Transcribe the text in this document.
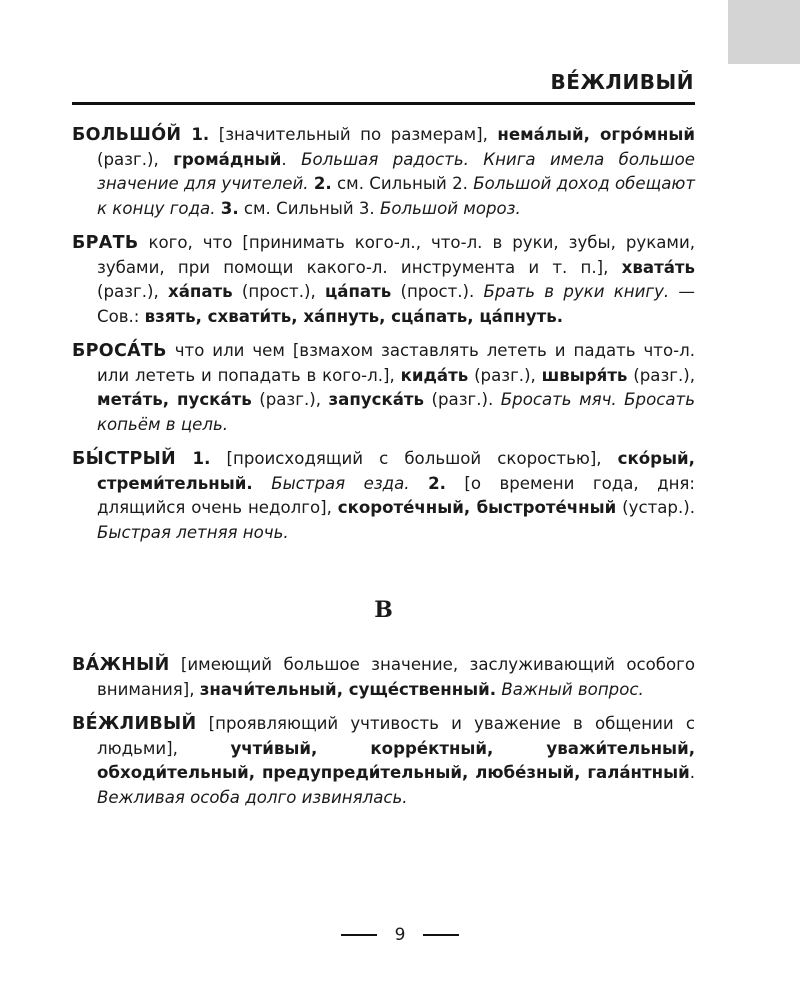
ВЕ́ЖЛИВЫЙ

БОЛЬШО́Й 1. [значительный по размерам], нема́лый, огро́мный (разг.), грома́дный. Большая радость. Книга имела большое значение для учителей. 2. см. Сильный 2. Большой доход обещают к концу года. 3. см. Сильный 3. Большой мороз.

БРАТЬ кого, что [принимать кого-л., что-л. в руки, зубы, руками, зубами, при помощи какого-л. инструмента и т. п.], хвата́ть (разг.), ха́пать (прост.), ца́пать (прост.). Брать в руки книгу. — Сов.: взять, схвати́ть, ха́пнуть, сца́пать, ца́пнуть.

БРОСА́ТЬ что или чем [взмахом заставлять лететь и падать что-л. или лететь и попадать в кого-л.], кида́ть (разг.), швыря́ть (разг.), мета́ть, пуска́ть (разг.), запуска́ть (разг.). Бросать мяч. Бросать копьём в цель.

БЫ́СТРЫЙ 1. [происходящий с большой скоростью], ско́рый, стреми́тельный. Быстрая езда. 2. [о времени года, дня: длящийся очень недолго], скороте́чный, быстроте́чный (устар.). Быстрая летняя ночь.

В

ВА́ЖНЫЙ [имеющий большое значение, заслуживающий особого внимания], значи́тельный, суще́ственный. Важный вопрос.

ВЕ́ЖЛИВЫЙ [проявляющий учтивость и уважение в общении с людьми], учти́вый, корре́ктный, уважи́тельный, обходи́тельный, предупреди́тельный, любе́зный, гала́нтный. Вежливая особа долго извинялась.

9
